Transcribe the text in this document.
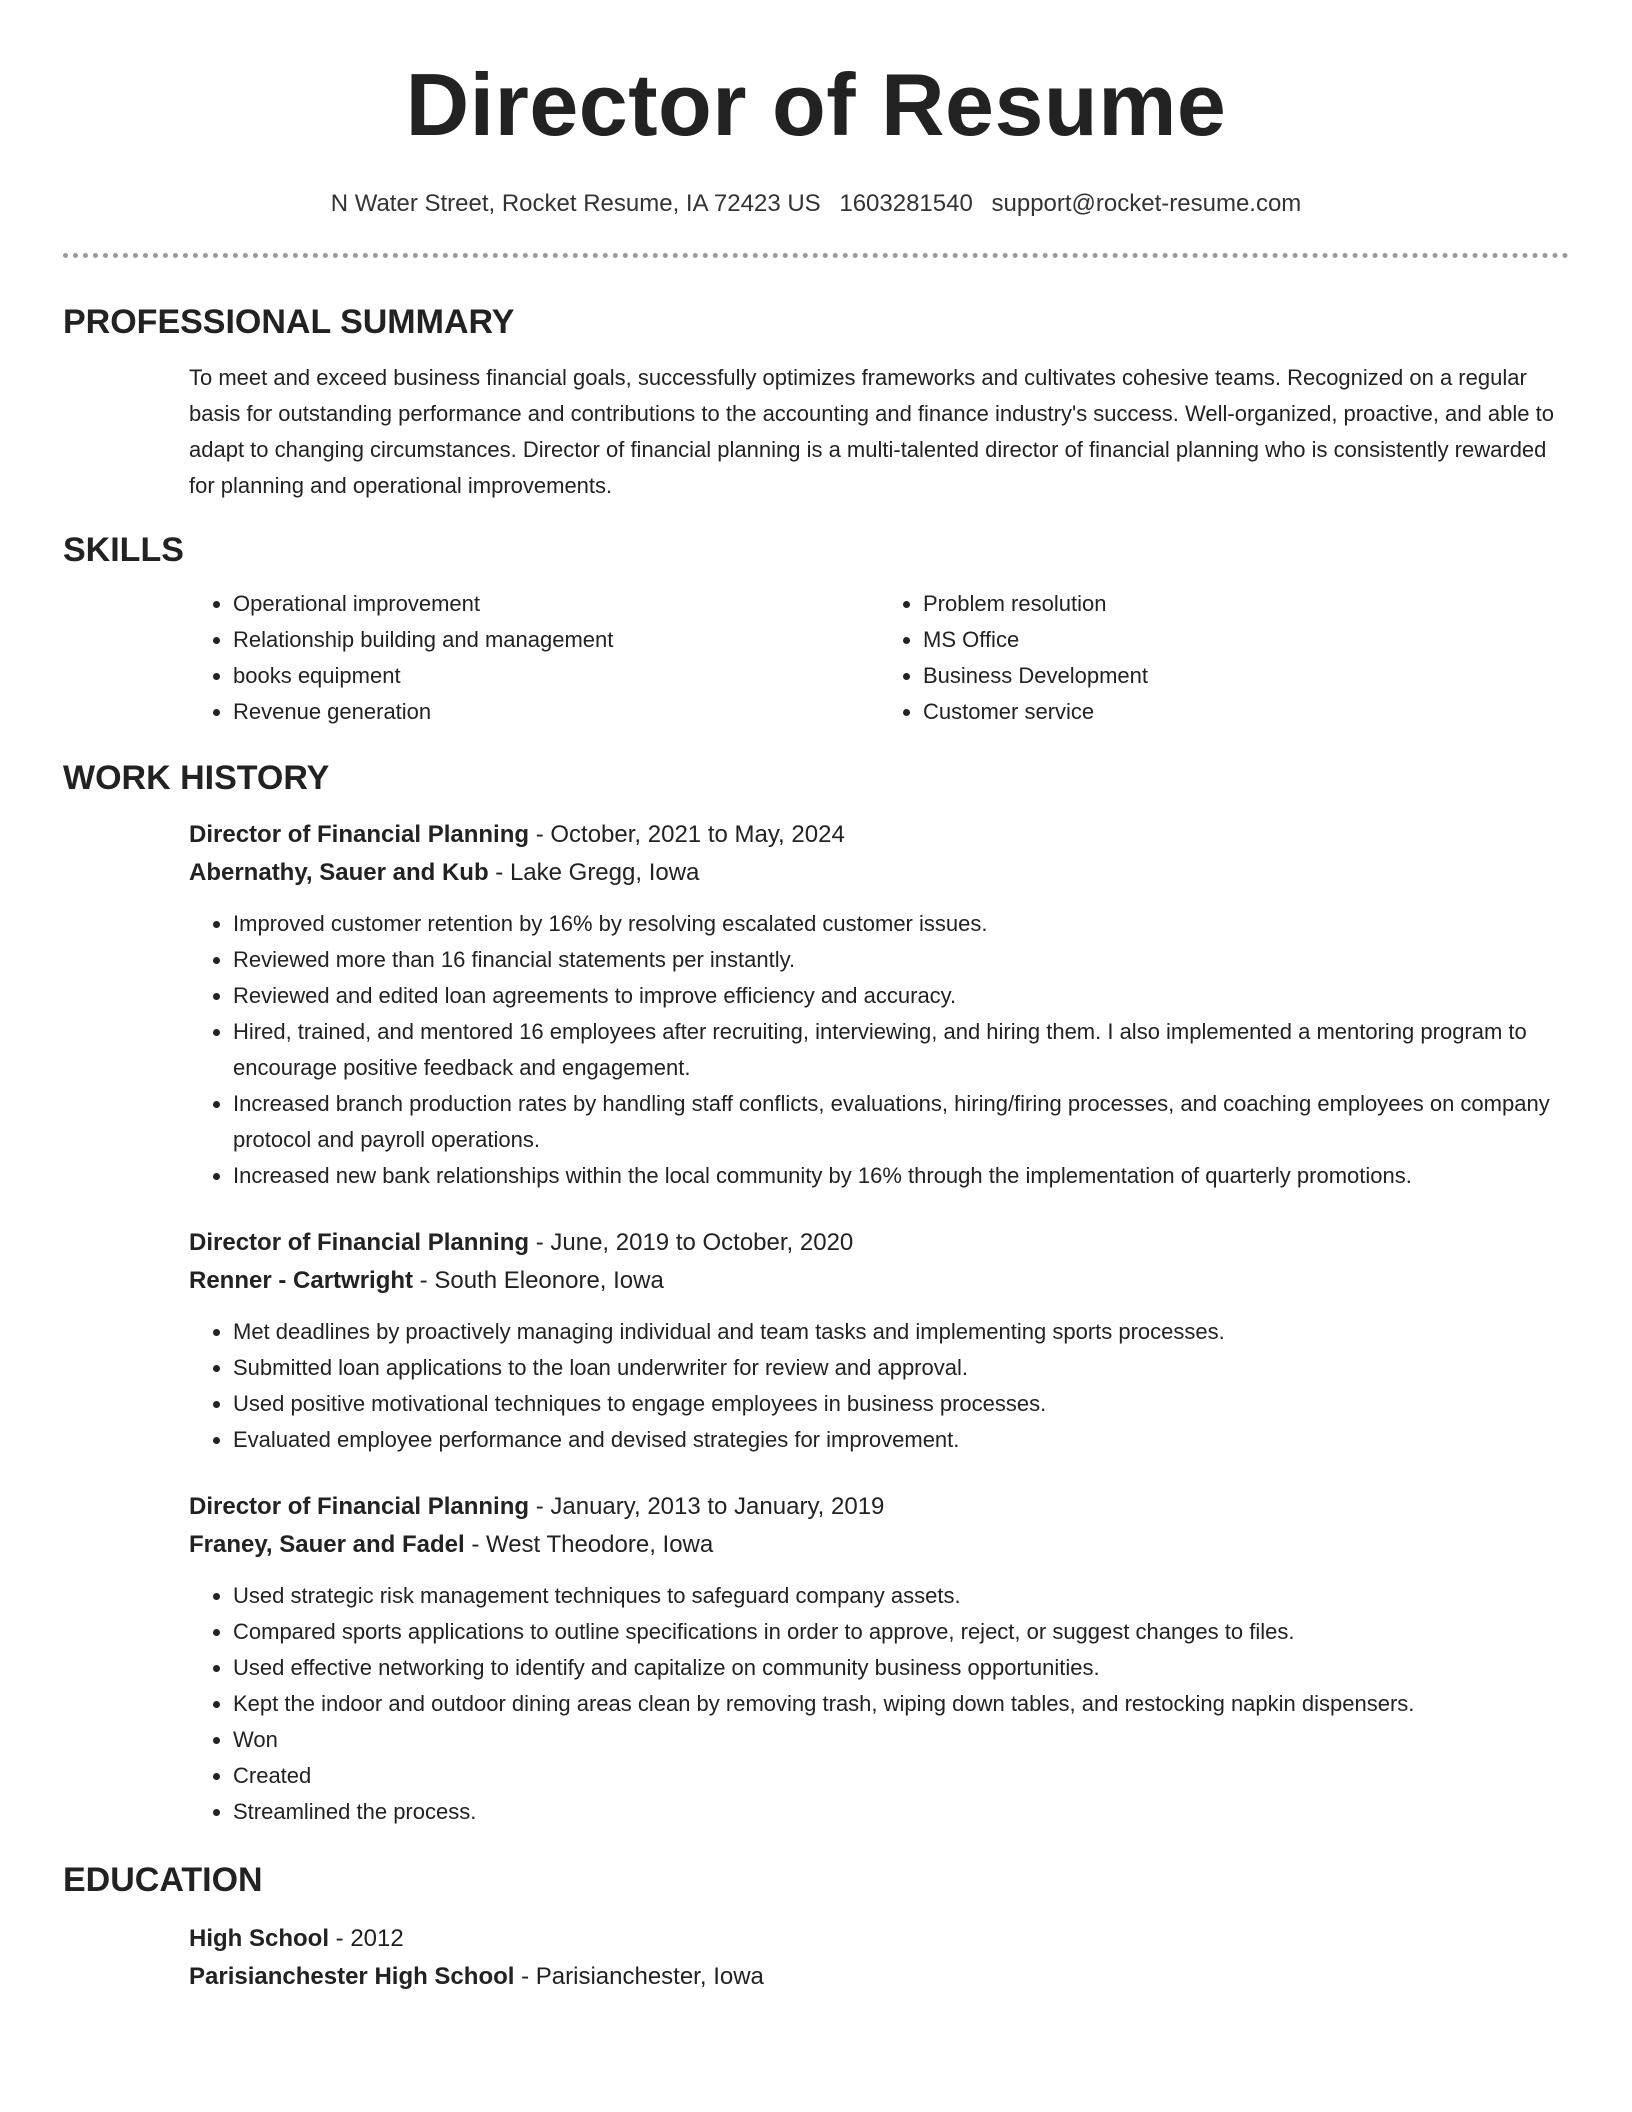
Director of Resume
N Water Street, Rocket Resume, IA 72423 US 1603281540 support@rocket-resume.com
PROFESSIONAL SUMMARY

To meet and exceed business financial goals, successfully optimizes frameworks and cultivates cohesive teams. Recognized on a regular basis for outstanding performance and contributions to the accounting and finance industry's success. Well-organized, proactive, and able to adapt to changing circumstances. Director of financial planning is a multi-talented director of financial planning who is consistently rewarded for planning and operational improvements.

SKILLS
• Operational improvement
• Relationship building and management
• books equipment
• Revenue generation
• Problem resolution
• MS Office
• Business Development
• Customer service
WORK HISTORY
Director of Financial Planning - October, 2021 to May, 2024
Abernathy, Sauer and Kub - Lake Gregg, Iowa
• Improved customer retention by 16% by resolving escalated customer issues.
• Reviewed more than 16 financial statements per instantly.
• Reviewed and edited loan agreements to improve efficiency and accuracy.
• Hired, trained, and mentored 16 employees after recruiting, interviewing, and hiring them. I also implemented a mentoring program to encourage positive feedback and engagement.
• Increased branch production rates by handling staff conflicts, evaluations, hiring/firing processes, and coaching employees on company protocol and payroll operations.
• Increased new bank relationships within the local community by 16% through the implementation of quarterly promotions.
Director of Financial Planning - June, 2019 to October, 2020
Renner - Cartwright - South Eleonore, Iowa
• Met deadlines by proactively managing individual and team tasks and implementing sports processes.
• Submitted loan applications to the loan underwriter for review and approval.
• Used positive motivational techniques to engage employees in business processes.
• Evaluated employee performance and devised strategies for improvement.
Director of Financial Planning - January, 2013 to January, 2019
Franey, Sauer and Fadel - West Theodore, Iowa
• Used strategic risk management techniques to safeguard company assets.
• Compared sports applications to outline specifications in order to approve, reject, or suggest changes to files.
• Used effective networking to identify and capitalize on community business opportunities.
• Kept the indoor and outdoor dining areas clean by removing trash, wiping down tables, and restocking napkin dispensers.
• Won
• Created
• Streamlined the process.
EDUCATION
High School - 2012
Parisianchester High School - Parisianchester, Iowa
